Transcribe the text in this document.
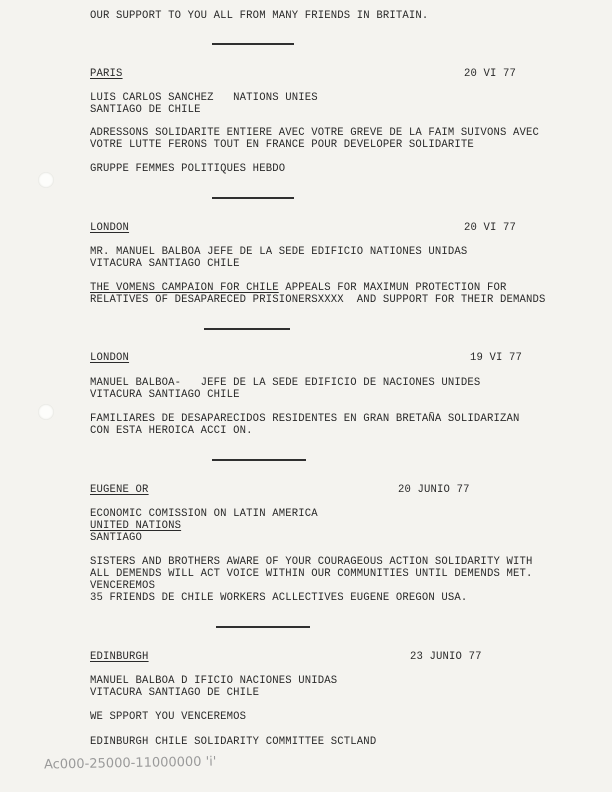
OUR SUPPORT TO YOU ALL FROM MANY FRIENDS IN BRITAIN.
PARIS	20 VI 77
LUIS CARLOS SANCHEZ   NATIONS UNIES
SANTIAGO DE CHILE
ADRESSONS SOLIDARITE ENTIERE AVEC VOTRE GREVE DE LA FAIM SUIVONS AVEC
VOTRE LUTTE FERONS TOUT EN FRANCE POUR DEVELOPER SOLIDARITE
GRUPPE FEMMES POLITIQUES HEBDO
LONDON	20 VI 77
MR. MANUEL BALBOA JEFE DE LA SEDE EDIFICIO NATIONES UNIDAS
VITACURA SANTIAGO CHILE
THE VOMENS CAMPAION FOR CHILE APPEALS FOR MAXIMUN PROTECTION FOR
RELATIVES OF DESAPARECED PRISIONERSXXXX  AND SUPPORT FOR THEIR DEMANDS
LONDON	19 VI 77
MANUEL BALBOA-   JEFE DE LA SEDE EDIFICIO DE NACIONES UNIDES
VITACURA SANTIAGO CHILE
FAMILIARES DE DESAPARECIDOS RESIDENTES EN GRAN BRETAÑA SOLIDARIZAN
CON ESTA HEROICA ACCI ON.
EUGENE OR	20 JUNIO 77
ECONOMIC COMISSION ON LATIN AMERICA
UNITED NATIONS
SANTIAGO
SISTERS AND BROTHERS AWARE OF YOUR COURAGEOUS ACTION SOLIDARITY WITH
ALL DEMENDS WILL ACT VOICE WITHIN OUR COMMUNITIES UNTIL DEMENDS MET.
VENCEREMOS
35 FRIENDS DE CHILE WORKERS ACLLECTIVES EUGENE OREGON USA.
EDINBURGH	23 JUNIO 77
MANUEL BALBOA D IFICIO NACIONES UNIDAS
VITACURA SANTIAGO DE CHILE
WE SPPORT YOU VENCEREMOS
EDINBURGH CHILE SOLIDARITY COMMITTEE SCTLAND
Ac000-25000-11000000 'i'
